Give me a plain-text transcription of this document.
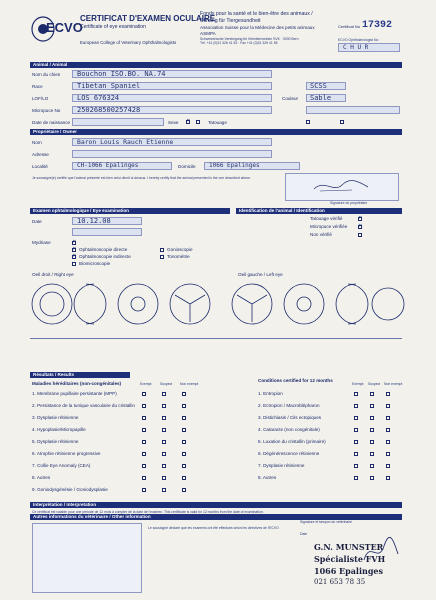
ECVO
CERTIFICAT D'EXAMEN OCULAIRE
Certificate of eye examination
European College of Veterinary Ophthalmologists
Fonds pour la santé et le bien-être des animaux / Stiftung für Tiergesundheit
Association Suisse pour la Médecine des petits animaux ASMPA
Schweizerische Vereinigung für Kleintiermedizin SVK · 3000 Bern
Tél. +41 (0)31 326 41 53 · Fax +41 (0)31 326 41 55
Certificat No 17392
ECVO Ophthalmologist No
C H U R
Animal / Animal
Nom du chien Bouchon ISO.BO. NA.74
Race	Tibetan Spaniel
LOF/LO	LOS 676324
Micropuce No 250268500257428
Date de naissance	Sexe
✕	Tatouage
Couleur
SCSS
Sable
Propriétaire / Owner
Nom	Baron Louis Rauch Etienne
Adresse
Localité	CH-1066 Epalinges	Domicile 1066 Epalinges
Je soussigné(e) certifie que l'animal présenté est bien celui décrit ci-dessus. I hereby certify that the animal presented is the one described above.
Signature du propriétaire
Examen ophtalmologique / Eye examination	Identification de l'animal / Identification
Date	10.12.08
✕
Mydriase
✕
Ophtalmoscopie directe
✕
Ophtalmoscopie indirecte
Biomicroscopie
Gonioscopie
Tonométrie
✕
Tatouage vérifié
✕
Micropuce vérifiée
Non vérifié
Oeil droit / Right eye	Oeil gauche / Left eye
Résultats / Results
Maladies héréditaires (non-congénitales)	Exempt	Suspect Non exempt
Conditions certified for 12 months
Exempt Suspect Non exempt
1. Membrane pupillaire persistante (MPP)
2. Persistance de la tunique vasculaire du cristallin
3. Dysplasie rétinienne
4. Hypoplasie/Micropapille
5. Dysplasie rétinienne
6. Atrophie rétinienne progressive
7. Collie Eye Anomaly (CEA)
8. Autres
9. Goniodysgénésie / Goniodysplasie
1. Entropion
2. Ectropion / Macroblépharon
3. Distichiasis / Cils ectopiques
4. Cataracte (non congénitale)
5. Luxation du cristallin (primaire)
6. Dégénérescence rétinienne
7. Dysplasie rétinienne
8. Autres
Interprétation / Interpretation
Ce certificat est valable pour une période de 12 mois à compter de la date de l'examen. This certificate is valid for 12 months from the date of examination.
Autres informations du vétérinaire / Other information
Le soussigné déclare que les examens ont été effectués selon les directives de l'ECVO
Signature et tampon du vétérinaire
Date
G.N. MUNSTER
Spécialiste FVH
1066 Epalinges
021 653 78 35
